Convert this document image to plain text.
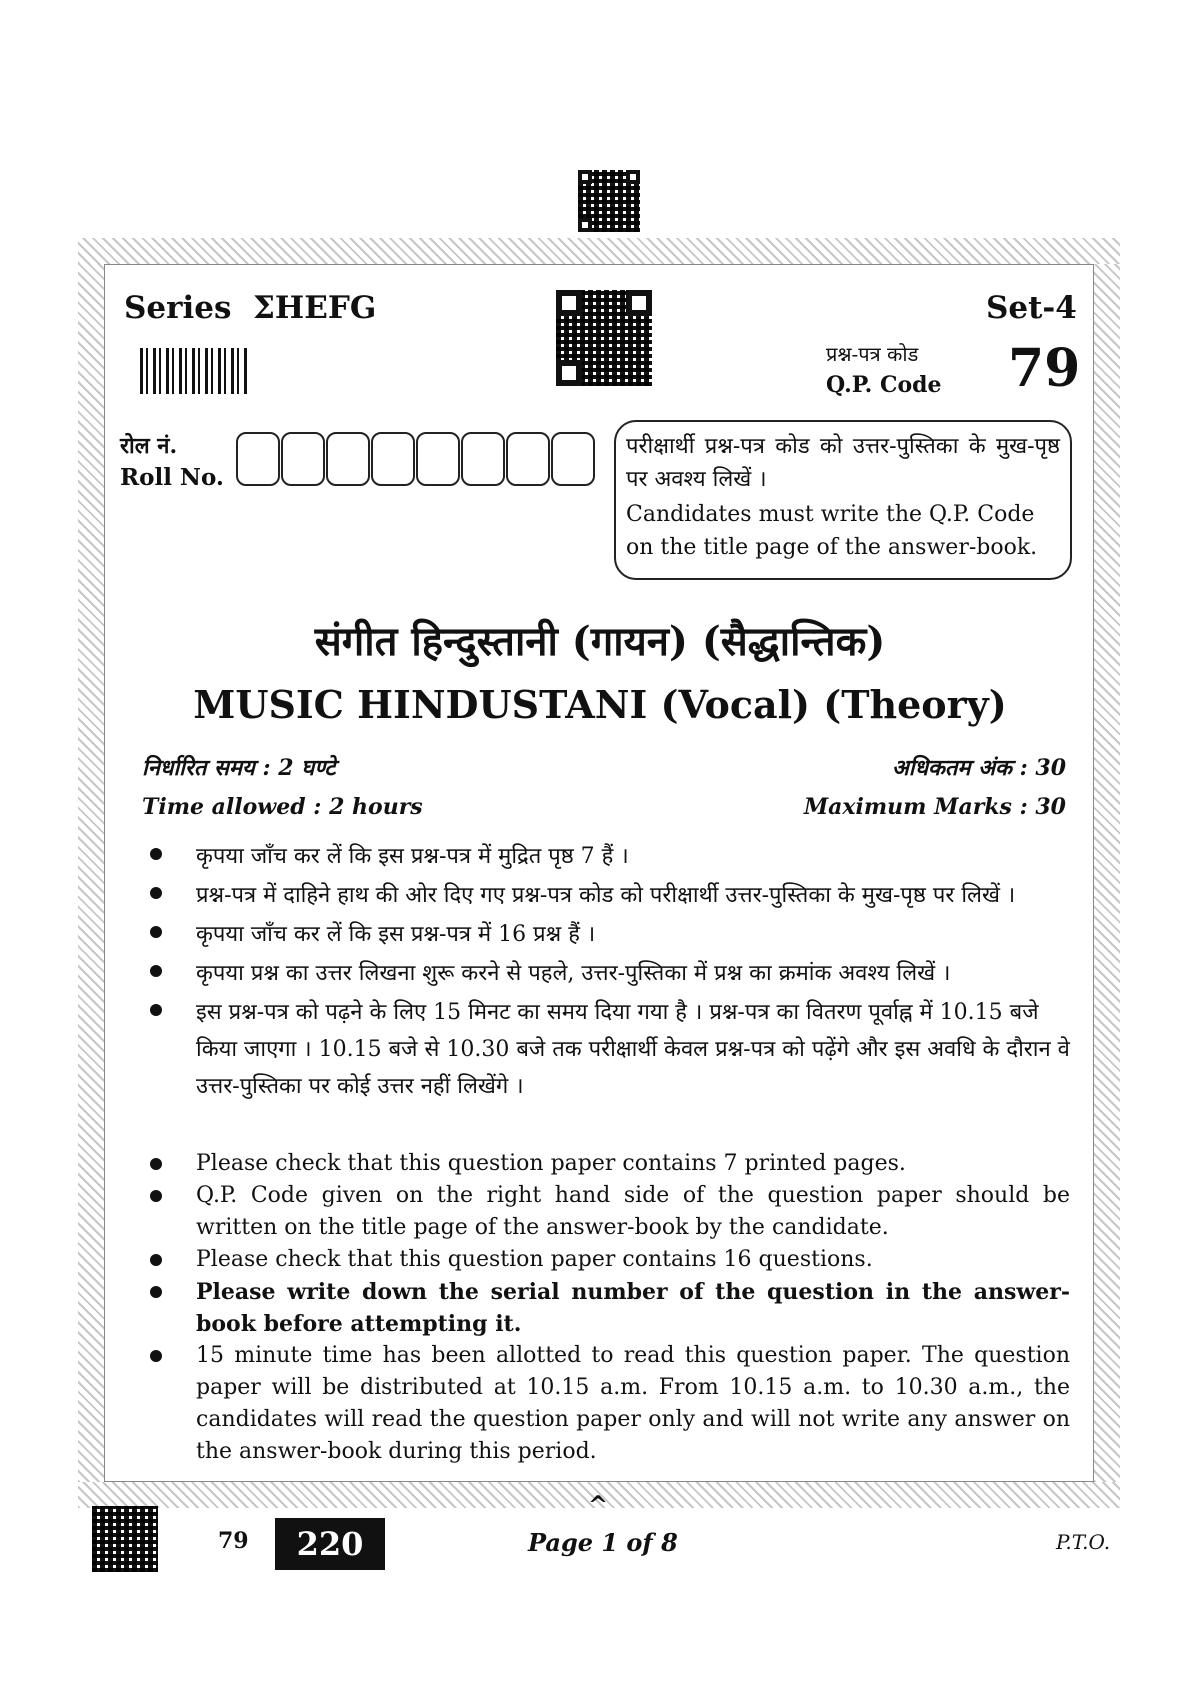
Series ΣHEFG	Set-4
प्रश्न-पत्र कोड
Q.P. Code 79
रोल नं.
Roll No.
परीक्षार्थी प्रश्न-पत्र कोड को उत्तर-पुस्तिका के मुख-पृष्ठ पर अवश्य लिखें ।
Candidates must write the Q.P. Code on the title page of the answer-book.
संगीत हिन्दुस्तानी (गायन) (सैद्धान्तिक)
MUSIC HINDUSTANI (Vocal) (Theory)
निर्धारित समय : 2 घण्टे	अधिकतम अंक : 30
Time allowed : 2 hours	Maximum Marks : 30
कृपया जाँच कर लें कि इस प्रश्न-पत्र में मुद्रित पृष्ठ 7 हैं ।
प्रश्न-पत्र में दाहिने हाथ की ओर दिए गए प्रश्न-पत्र कोड को परीक्षार्थी उत्तर-पुस्तिका के मुख-पृष्ठ पर लिखें ।
कृपया जाँच कर लें कि इस प्रश्न-पत्र में 16 प्रश्न हैं ।
कृपया प्रश्न का उत्तर लिखना शुरू करने से पहले, उत्तर-पुस्तिका में प्रश्न का क्रमांक अवश्य लिखें ।
इस प्रश्न-पत्र को पढ़ने के लिए 15 मिनट का समय दिया गया है । प्रश्न-पत्र का वितरण पूर्वाह्न में 10.15 बजे किया जाएगा । 10.15 बजे से 10.30 बजे तक परीक्षार्थी केवल प्रश्न-पत्र को पढ़ेंगे और इस अवधि के दौरान वे उत्तर-पुस्तिका पर कोई उत्तर नहीं लिखेंगे ।
Please check that this question paper contains 7 printed pages.
Q.P. Code given on the right hand side of the question paper should be written on the title page of the answer-book by the candidate.
Please check that this question paper contains 16 questions.
Please write down the serial number of the question in the answer-book before attempting it.
15 minute time has been allotted to read this question paper. The question paper will be distributed at 10.15 a.m. From 10.15 a.m. to 10.30 a.m., the candidates will read the question paper only and will not write any answer on the answer-book during this period.
^
79	220	Page 1 of 8	P.T.O.
